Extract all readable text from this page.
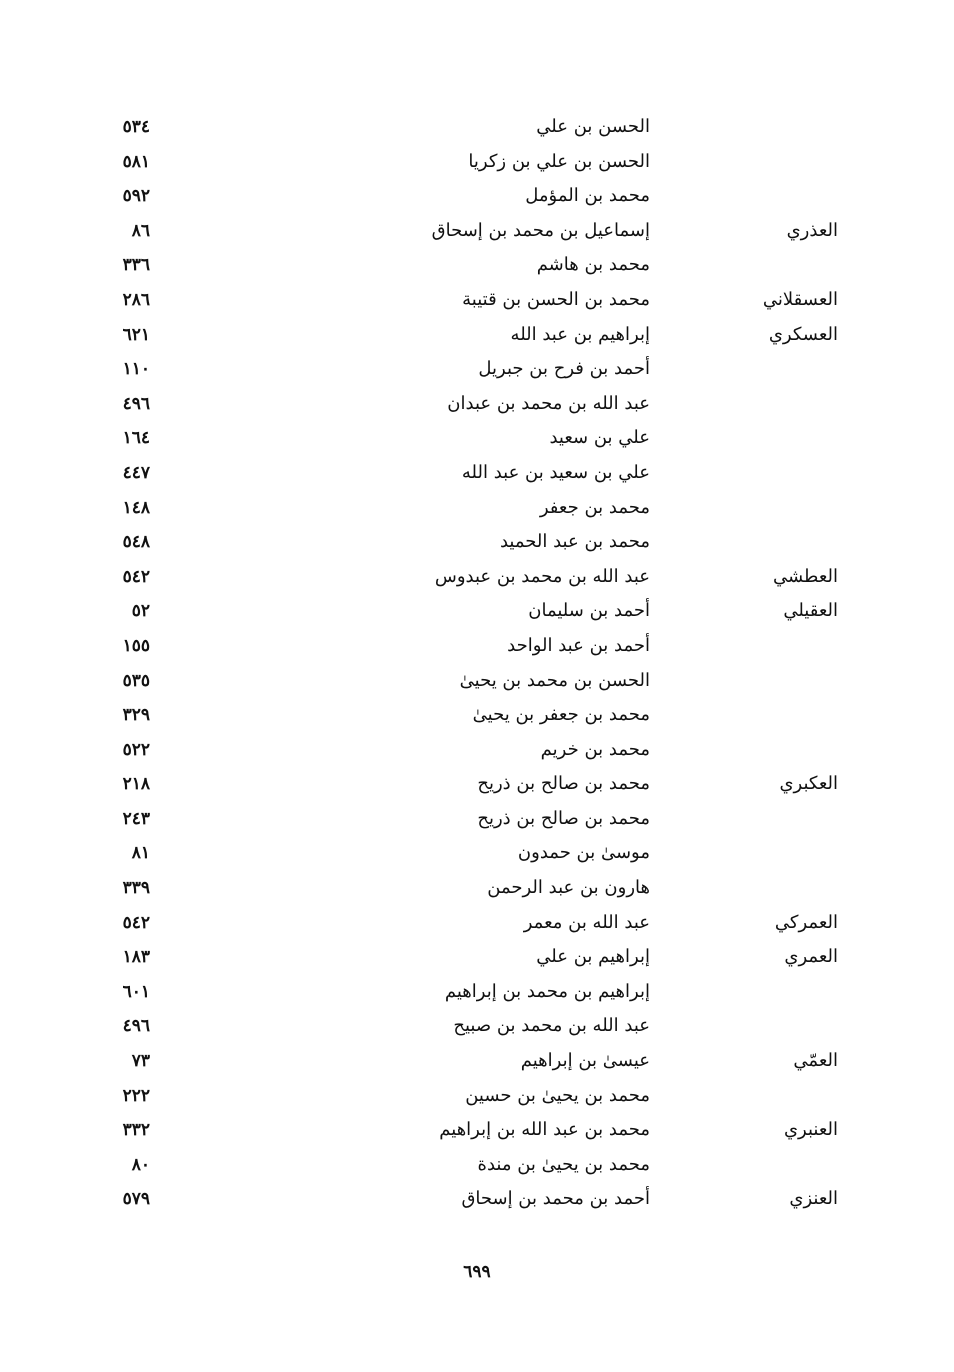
الحسن بن علي
٥٣٤
الحسن بن علي بن زكريا
٥٨١
محمد بن المؤمل
٥٩٢
العذري
إسماعيل بن محمد بن إسحاق
٨٦
محمد بن هاشم
٣٣٦
العسقلاني
محمد بن الحسن بن قتيبة
٢٨٦
العسكري
إبراهيم بن عبد الله
٦٢١
أحمد بن فرح بن جبريل
١١٠
عبد الله بن محمد بن عبدان
٤٩٦
علي بن سعيد
١٦٤
علي بن سعيد بن عبد الله
٤٤٧
محمد بن جعفر
١٤٨
محمد بن عبد الحميد
٥٤٨
العطشي
عبد الله بن محمد بن عبدوس
٥٤٢
العقيلي
أحمد بن سليمان
٥٢
أحمد بن عبد الواحد
١٥٥
الحسن بن محمد بن يحيىٰ
٥٣٥
محمد بن جعفر بن يحيىٰ
٣٢٩
محمد بن خريم
٥٢٢
العكبري
محمد بن صالح بن ذريح
٢١٨
محمد بن صالح بن ذريح
٢٤٣
موسىٰ بن حمدون
٨١
هارون بن عبد الرحمن
٣٣٩
العمركي
عبد الله بن معمر
٥٤٢
العمري
إبراهيم بن علي
١٨٣
إبراهيم بن محمد بن إبراهيم
٦٠١
عبد الله بن محمد بن صبيح
٤٩٦
العمّي
عيسىٰ بن إبراهيم
٧٣
محمد بن يحيىٰ بن حسين
٢٢٢
العنبري
محمد بن عبد الله بن إبراهيم
٣٣٢
محمد بن يحيىٰ بن مندة
٨٠
العنزي
أحمد بن محمد بن إسحاق
٥٧٩
٦٩٩
